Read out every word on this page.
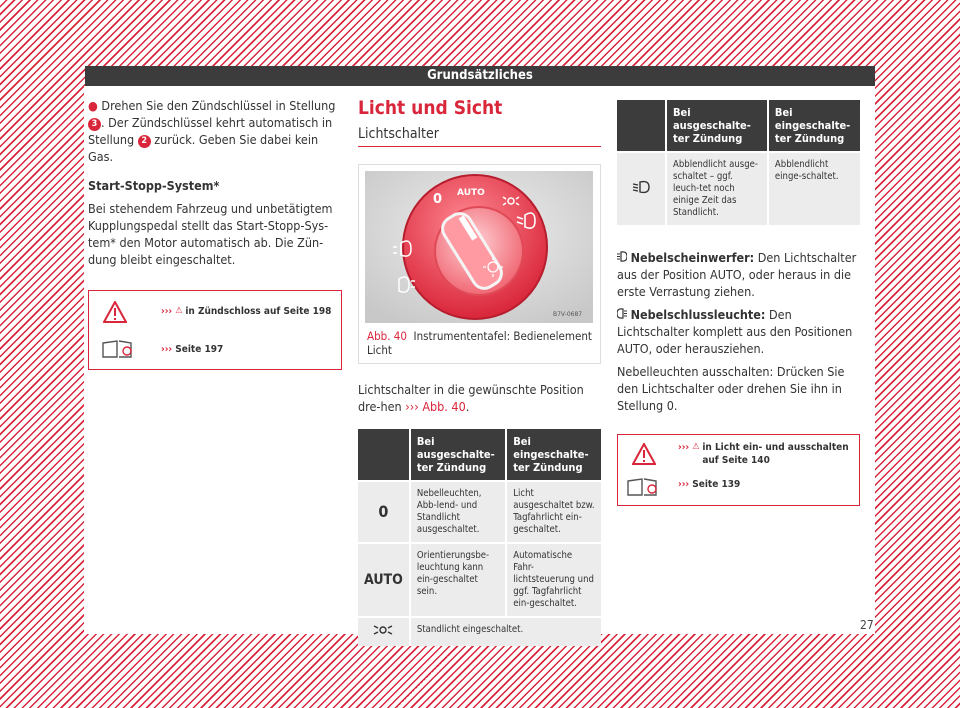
Grundsätzliches

● Drehen Sie den Zündschlüssel in Stellung 3 . Der Zündschlüssel kehrt automatisch in Stellung 2 zurück. Geben Sie dabei kein Gas.

Start-Stopp-System*

Bei stehendem Fahrzeug und unbetätigtem Kupplungspedal stellt das Start-Stopp-Sys-tem* den Motor automatisch ab. Die Zün-dung bleibt eingeschaltet.

››› ⚠ in Zündschloss auf Seite 198
››› Seite 197
Licht und Sicht
Lichtschalter
0 AUTO
B7V-0687
Abb. 40 Instrumententafel: Bedienelement Licht

Lichtschalter in die gewünschte Position dre-hen ››› Abb. 40.

	Bei ausgeschalte-ter Zündung	Bei eingeschalte-ter Zündung
0	Nebelleuchten, Abb-lend- und Standlicht ausgeschaltet.	Licht ausgeschaltet bzw. Tagfahrlicht ein-geschaltet.
AUTO	Orientierungsbe-leuchtung kann ein-geschaltet sein.	Automatische Fahr-lichtsteuerung und ggf. Tagfahrlicht ein-geschaltet.
	Standlicht eingeschaltet.	
	Bei ausgeschalte-ter Zündung	Bei eingeschalte-ter Zündung
	Abblendlicht ausge-schaltet – ggf. leuch-tet noch einige Zeit das Standlicht.	Abblendlicht einge-schaltet.

Nebelscheinwerfer: Den Lichtschalter aus der Position AUTO, oder heraus in die erste Verrastung ziehen.

Nebelschlussleuchte: Den Lichtschalter komplett aus den Positionen AUTO, oder herausziehen.

Nebelleuchten ausschalten: Drücken Sie den Lichtschalter oder drehen Sie ihn in Stellung 0.

››› ⚠ in Licht ein- und ausschalten auf Seite 140
››› Seite 139
27
